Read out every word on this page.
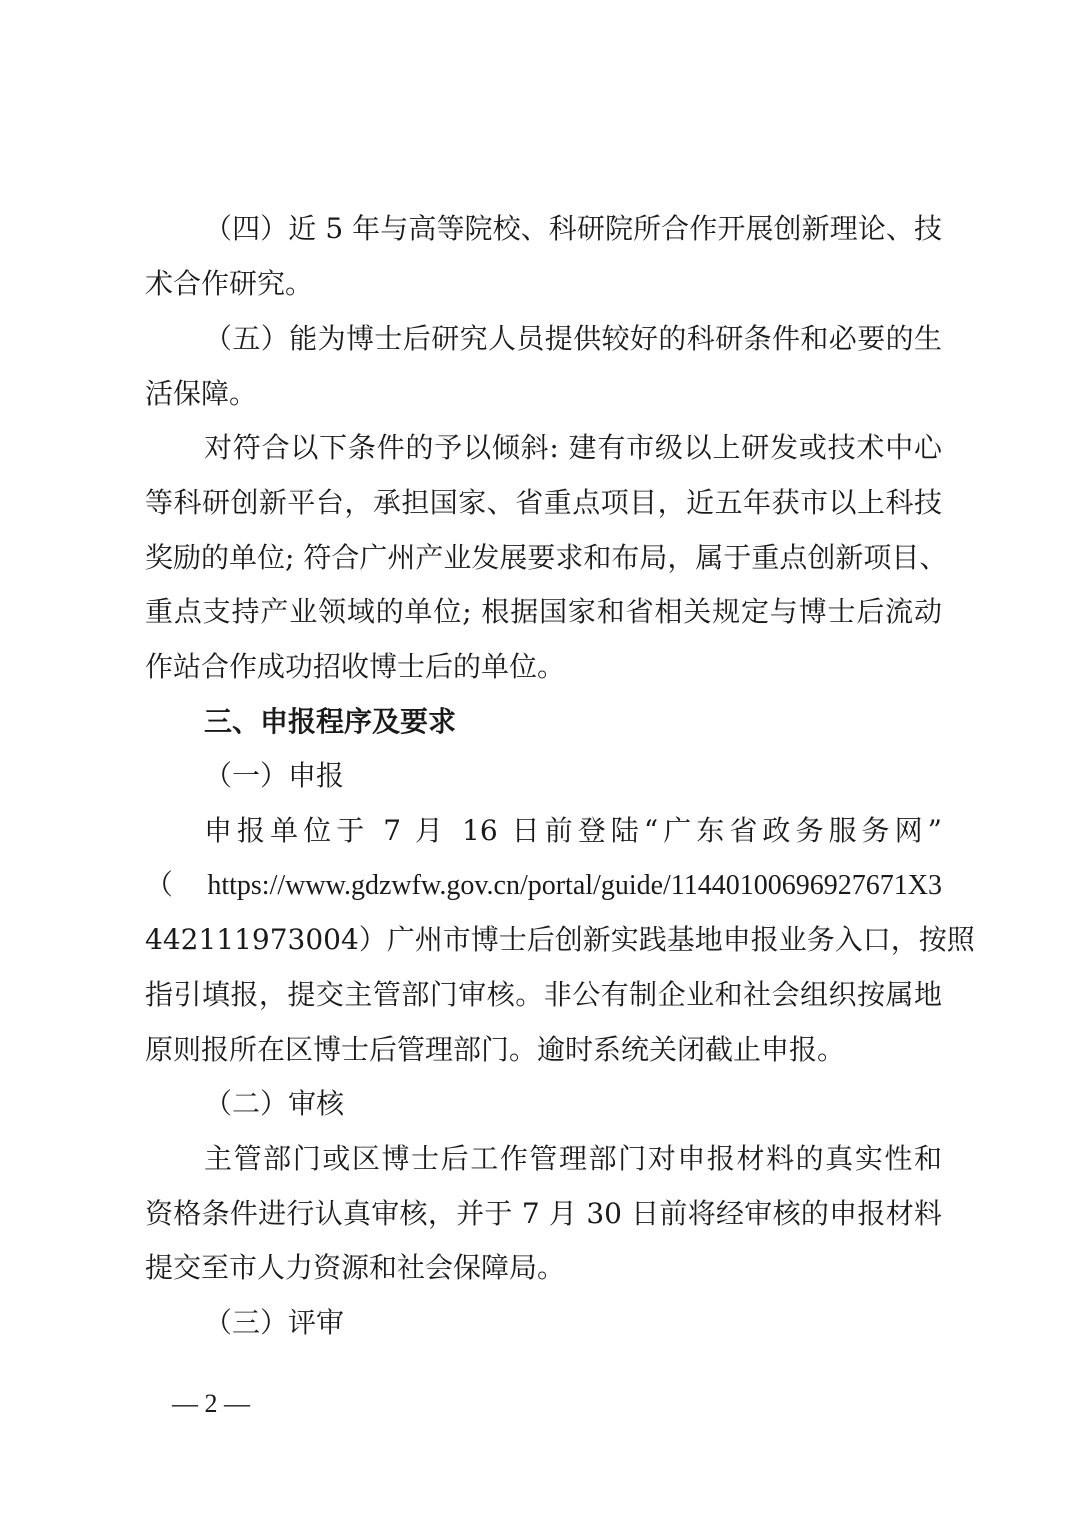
（四）近 5 年与高等院校、科研院所合作开展创新理论、技
术合作研究。
（五）能为博士后研究人员提供较好的科研条件和必要的生
活保障。
对符合以下条件的予以倾斜: 建有市级以上研发或技术中心
等科研创新平台，承担国家、省重点项目，近五年获市以上科技
奖励的单位; 符合广州产业发展要求和布局，属于重点创新项目、
重点支持产业领域的单位; 根据国家和省相关规定与博士后流动
作站合作成功招收博士后的单位。
三、申报程序及要求
（一）申报
申报单位于 7 月 16 日前登陆“广东省政务服务网”
（ https://www.gdzwfw.gov.cn/portal/guide/11440100696927671X3
442111973004）广州市博士后创新实践基地申报业务入口，按照
指引填报，提交主管部门审核。非公有制企业和社会组织按属地
原则报所在区博士后管理部门。逾时系统关闭截止申报。
（二）审核
主管部门或区博士后工作管理部门对申报材料的真实性和
资格条件进行认真审核，并于 7 月 30 日前将经审核的申报材料
提交至市人力资源和社会保障局。
（三）评审
— 2 —
